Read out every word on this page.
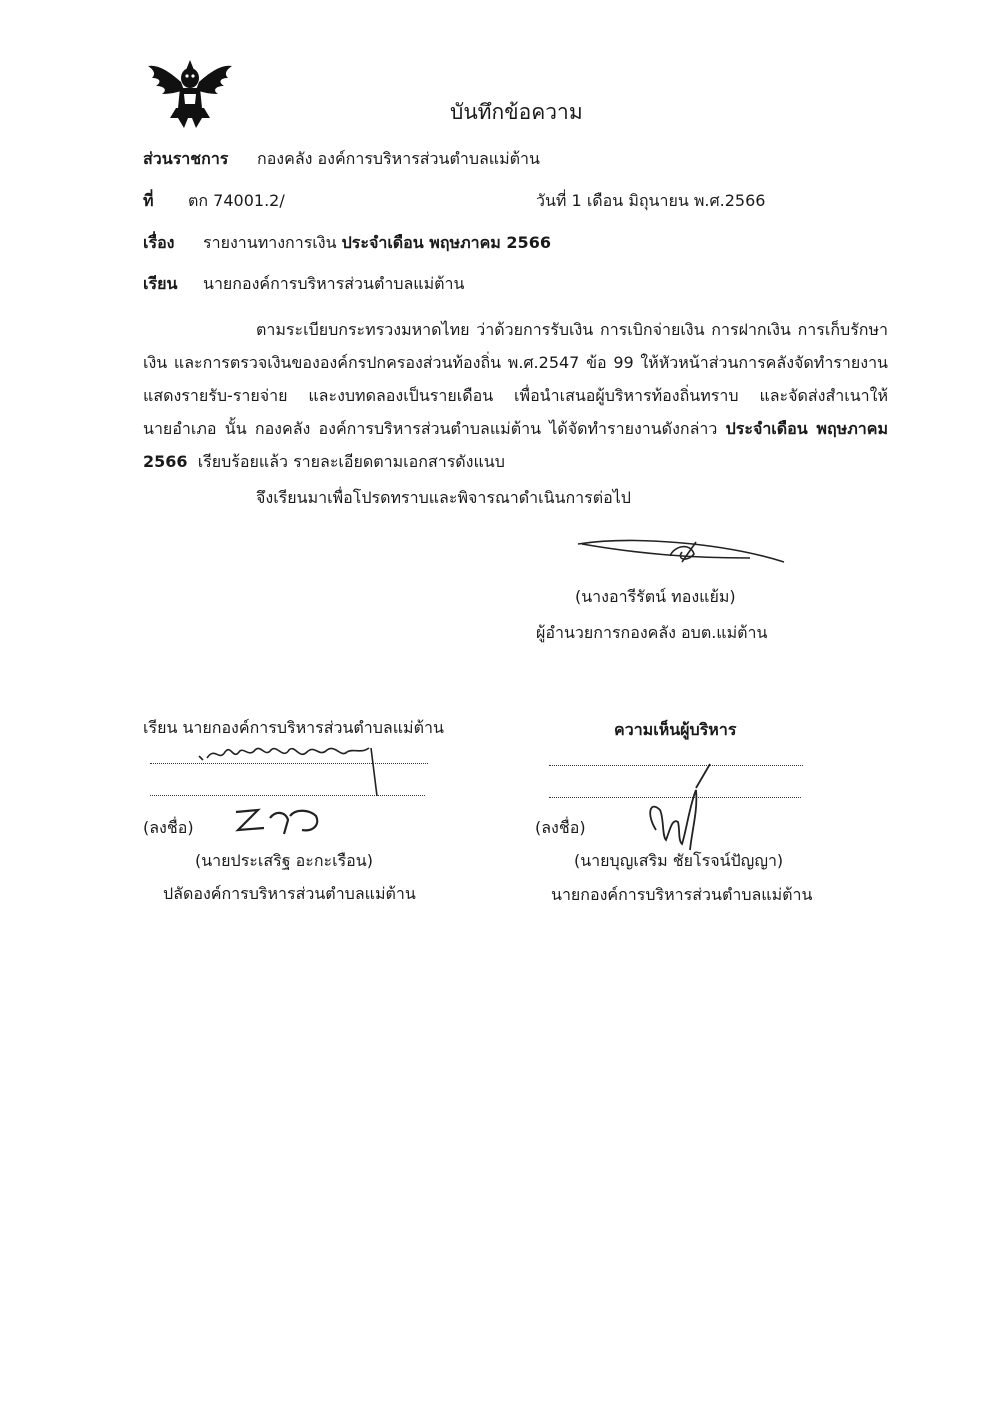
บันทึกข้อความ
ส่วนราชการ กองคลัง องค์การบริหารส่วนตำบลแม่ต้าน
ที่ ตก 74001.2/	วันที่ 1 เดือน มิถุนายน พ.ศ.2566
เรื่อง รายงานทางการเงิน ประจำเดือน พฤษภาคม 2566
เรียน นายกองค์การบริหารส่วนตำบลแม่ต้าน
ตามระเบียบกระทรวงมหาดไทย ว่าด้วยการรับเงิน การเบิกจ่ายเงิน การฝากเงิน การเก็บรักษา
เงิน และการตรวจเงินขององค์กรปกครองส่วนท้องถิ่น พ.ศ.2547 ข้อ 99 ให้หัวหน้าส่วนการคลังจัดทำรายงาน
แสดงรายรับ-รายจ่าย และงบทดลองเป็นรายเดือน เพื่อนำเสนอผู้บริหารท้องถิ่นทราบ และจัดส่งสำเนาให้
นายอำเภอ นั้น กองคลัง องค์การบริหารส่วนตำบลแม่ต้าน ได้จัดทำรายงานดังกล่าว ประจำเดือน พฤษภาคม
2566 เรียบร้อยแล้ว รายละเอียดตามเอกสารดังแนบ
จึงเรียนมาเพื่อโปรดทราบและพิจารณาดำเนินการต่อไป
(นางอารีรัตน์ ทองแย้ม)
ผู้อำนวยการกองคลัง อบต.แม่ต้าน
เรียน นายกองค์การบริหารส่วนตำบลแม่ต้าน
(ลงชื่อ)
(นายประเสริฐ อะกะเรือน)
ปลัดองค์การบริหารส่วนตำบลแม่ต้าน
ความเห็นผู้บริหาร
(ลงชื่อ)
(นายบุญเสริม ชัยโรจน์ปัญญา)
นายกองค์การบริหารส่วนตำบลแม่ต้าน
